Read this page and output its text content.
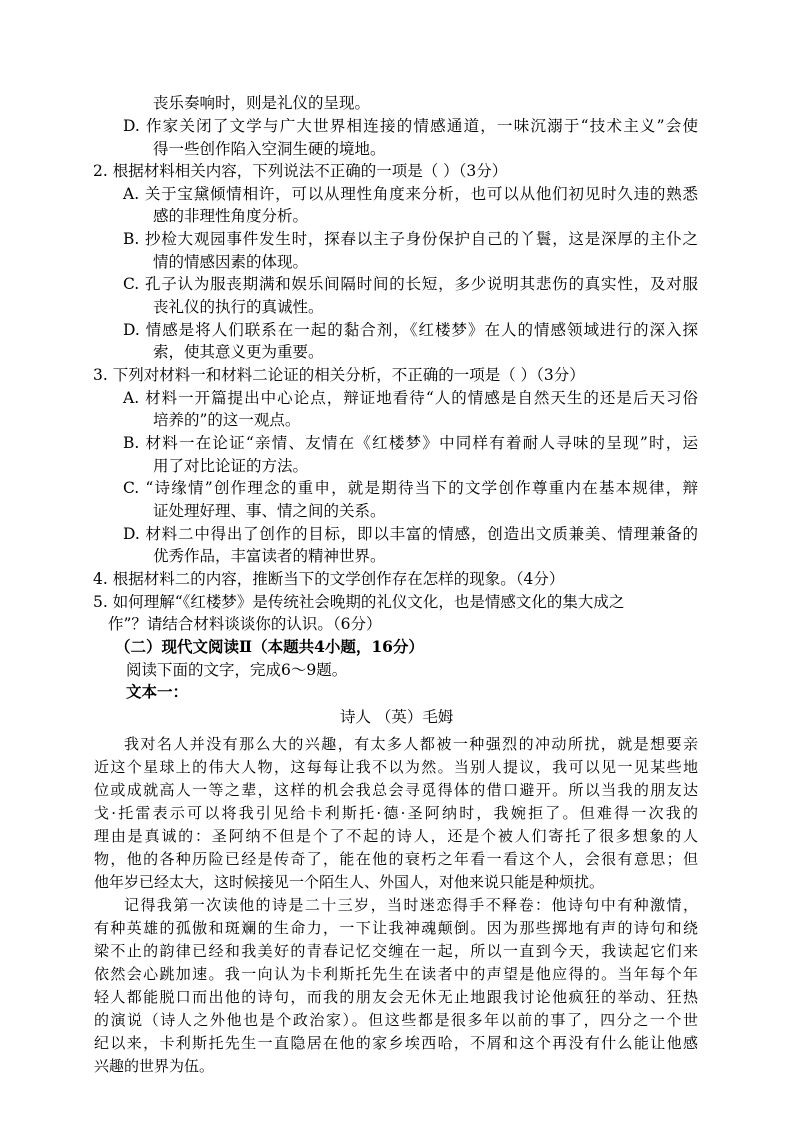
丧乐奏响时，则是礼仪的呈现。
D. 作家关闭了文学与广大世界相连接的情感通道，一味沉溺于“技术主义”会使
得一些创作陷入空洞生硬的境地。
2. 根据材料相关内容，下列说法不正确的一项是（ ）（3分）
A. 关于宝黛倾情相许，可以从理性角度来分析，也可以从他们初见时久违的熟悉
感的非理性角度分析。
B. 抄检大观园事件发生时，探春以主子身份保护自己的丫鬟，这是深厚的主仆之
情的情感因素的体现。
C. 孔子认为服丧期满和娱乐间隔时间的长短，多少说明其悲伤的真实性，及对服
丧礼仪的执行的真诚性。
D. 情感是将人们联系在一起的黏合剂，《红楼梦》在人的情感领域进行的深入探
索，使其意义更为重要。
3. 下列对材料一和材料二论证的相关分析，不正确的一项是（ ）（3分）
A. 材料一开篇提出中心论点，辩证地看待“人的情感是自然天生的还是后天习俗
培养的”的这一观点。
B. 材料一在论证“亲情、友情在《红楼梦》中同样有着耐人寻味的呈现”时，运
用了对比论证的方法。
C. “诗缘情”创作理念的重申，就是期待当下的文学创作尊重内在基本规律，辩
证处理好理、事、情之间的关系。
D. 材料二中得出了创作的目标，即以丰富的情感，创造出文质兼美、情理兼备的
优秀作品，丰富读者的精神世界。
4. 根据材料二的内容，推断当下的文学创作存在怎样的现象。（4分）
5. 如何理解“《红楼梦》是传统社会晚期的礼仪文化，也是情感文化的集大成之
作”？请结合材料谈谈你的认识。（6分）
（二）现代文阅读Ⅱ（本题共4小题，16分）
阅读下面的文字，完成6～9题。
文本一：
诗人 （英）毛姆
我对名人并没有那么大的兴趣，有太多人都被一种强烈的冲动所扰，就是想要亲
近这个星球上的伟大人物，这每每让我不以为然。当别人提议，我可以见一见某些地
位或成就高人一等之辈，这样的机会我总会寻觅得体的借口避开。所以当我的朋友达
戈·托雷表示可以将我引见给卡利斯托·德·圣阿纳时，我婉拒了。但难得一次我的
理由是真诚的：圣阿纳不但是个了不起的诗人，还是个被人们寄托了很多想象的人
物，他的各种历险已经是传奇了，能在他的衰朽之年看一看这个人，会很有意思；但
他年岁已经太大，这时候接见一个陌生人、外国人，对他来说只能是种烦扰。
记得我第一次读他的诗是二十三岁，当时迷恋得手不释卷：他诗句中有种激情，
有种英雄的孤傲和斑斓的生命力，一下让我神魂颠倒。因为那些掷地有声的诗句和绕
梁不止的韵律已经和我美好的青春记忆交缠在一起，所以一直到今天，我读起它们来
依然会心跳加速。我一向认为卡利斯托先生在读者中的声望是他应得的。当年每个年
轻人都能脱口而出他的诗句，而我的朋友会无休无止地跟我讨论他疯狂的举动、狂热
的演说（诗人之外他也是个政治家）。但这些都是很多年以前的事了，四分之一个世
纪以来，卡利斯托先生一直隐居在他的家乡埃西哈，不屑和这个再没有什么能让他感
兴趣的世界为伍。
